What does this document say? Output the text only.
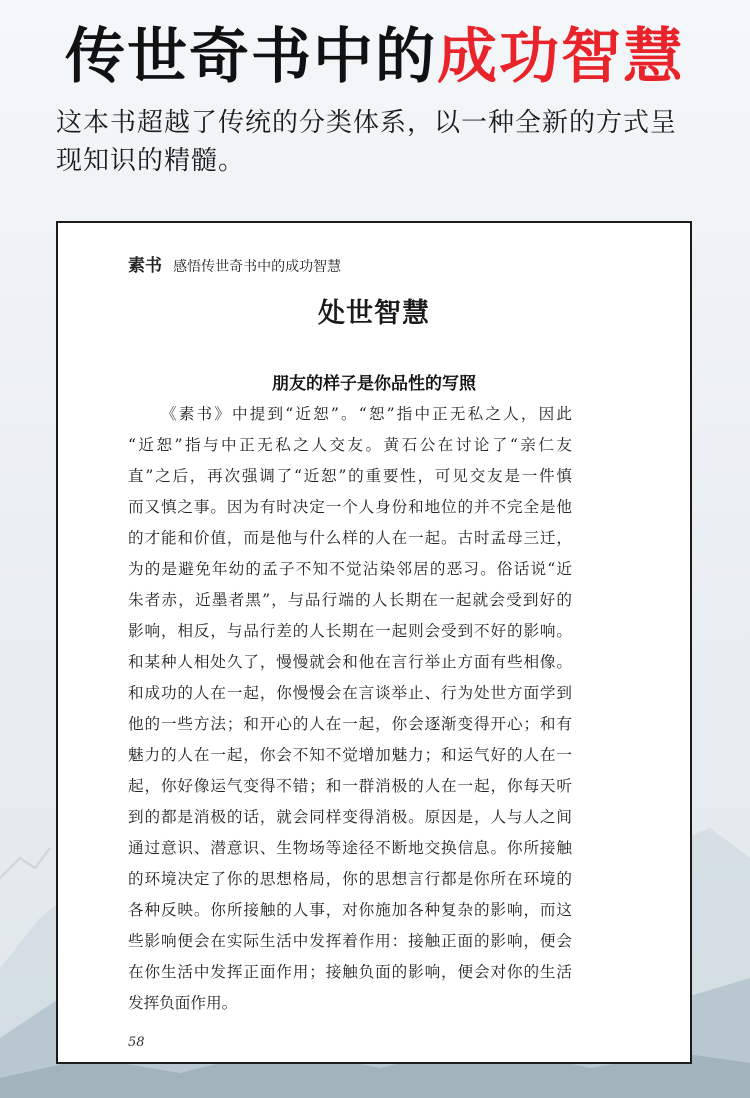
传世奇书中的成功智慧
这本书超越了传统的分类体系，以一种全新的方式呈现知识的精髓。
素书 感悟传世奇书中的成功智慧
处世智慧
朋友的样子是你品性的写照
《素书》中提到“近恕”。“恕”指中正无私之人，因此
“近恕”指与中正无私之人交友。黄石公在讨论了“亲仁友
直”之后，再次强调了“近恕”的重要性，可见交友是一件慎
而又慎之事。因为有时决定一个人身份和地位的并不完全是他
的才能和价值，而是他与什么样的人在一起。古时孟母三迁，
为的是避免年幼的孟子不知不觉沾染邻居的恶习。俗话说“近
朱者赤，近墨者黑”，与品行端的人长期在一起就会受到好的
影响，相反，与品行差的人长期在一起则会受到不好的影响。
和某种人相处久了，慢慢就会和他在言行举止方面有些相像。
和成功的人在一起，你慢慢会在言谈举止、行为处世方面学到
他的一些方法；和开心的人在一起，你会逐渐变得开心；和有
魅力的人在一起，你会不知不觉增加魅力；和运气好的人在一
起，你好像运气变得不错；和一群消极的人在一起，你每天听
到的都是消极的话，就会同样变得消极。原因是，人与人之间
通过意识、潜意识、生物场等途径不断地交换信息。你所接触
的环境决定了你的思想格局，你的思想言行都是你所在环境的
各种反映。你所接触的人事，对你施加各种复杂的影响，而这
些影响便会在实际生活中发挥着作用：接触正面的影响，便会
在你生活中发挥正面作用；接触负面的影响，便会对你的生活
发挥负面作用。
58
